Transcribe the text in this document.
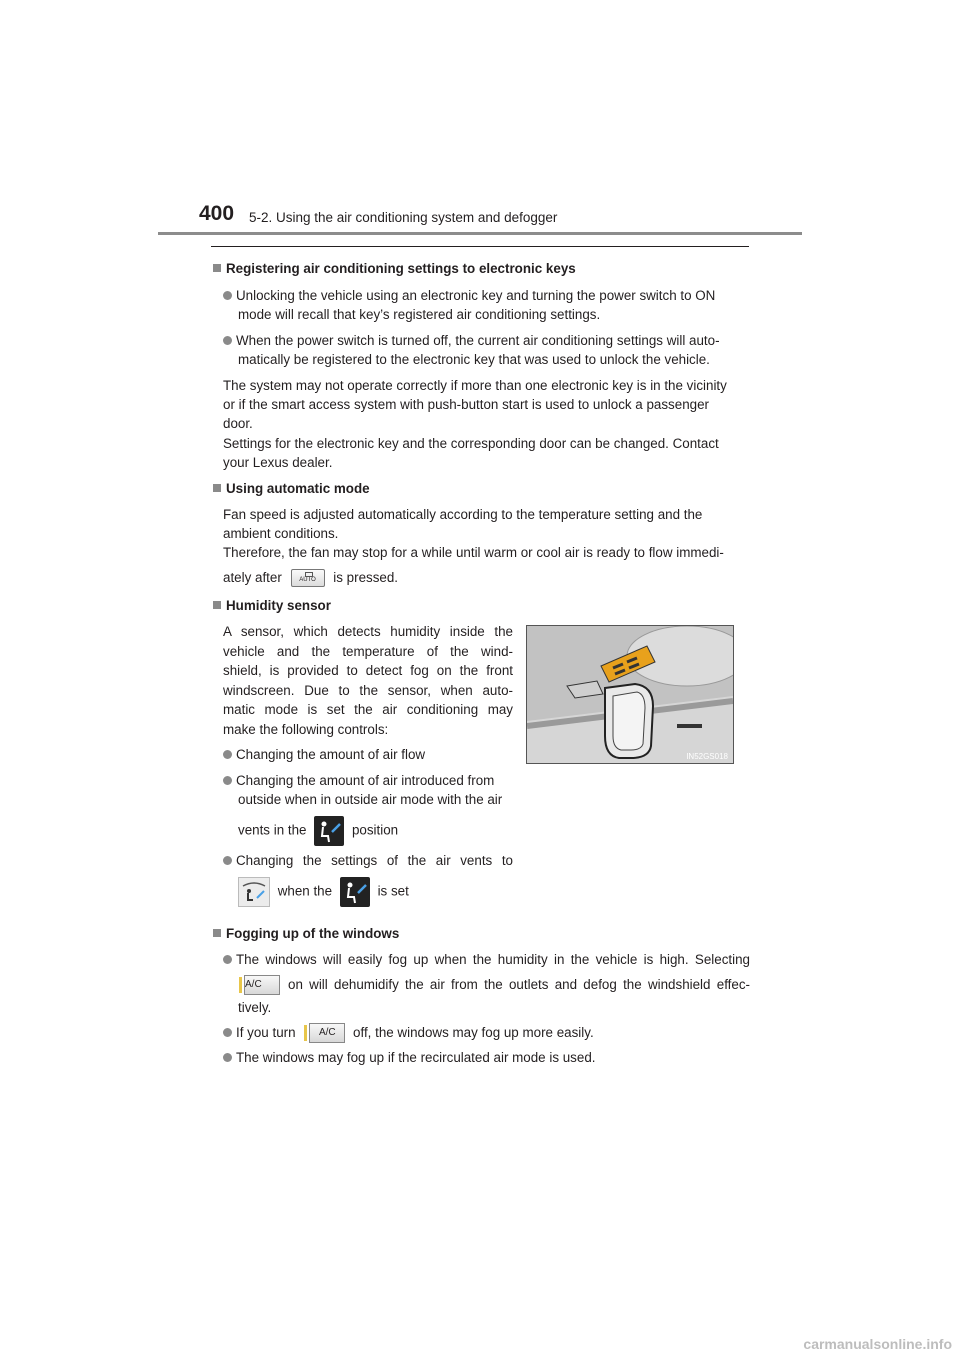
400 5-2. Using the air conditioning system and defogger
Registering air conditioning settings to electronic keys
Unlocking the vehicle using an electronic key and turning the power switch to ON
mode will recall that key’s registered air conditioning settings.
When the power switch is turned off, the current air conditioning settings will auto-
matically be registered to the electronic key that was used to unlock the vehicle.
The system may not operate correctly if more than one electronic key is in the vicinity
or if the smart access system with push-button start is used to unlock a passenger
door.
Settings for the electronic key and the corresponding door can be changed. Contact
your Lexus dealer.
Using automatic mode
Fan speed is adjusted automatically according to the temperature setting and the
ambient conditions.
Therefore, the fan may stop for a while until warm or cool air is ready to flow immedi-
ately after	AUTO is pressed.
Humidity sensor
A sensor, which detects humidity inside the
vehicle and the temperature of the wind-
shield, is provided to detect fog on the front
windscreen. Due to the sensor, when auto-
matic mode is set the air conditioning may
make the following controls:
Changing the amount of air flow
Changing the amount of air introduced from
outside when in outside air mode with the air
vents in the	position
Changing the settings of the air vents to
when the	is set
IN52GS018
Fogging up of the windows
The windows will easily fog up when the humidity in the vehicle is high. Selecting
A/C on will dehumidify the air from the outlets and defog the windshield effec-
tively.
If you turn A/C off, the windows may fog up more easily.
The windows may fog up if the recirculated air mode is used.
carmanualsonline.info
